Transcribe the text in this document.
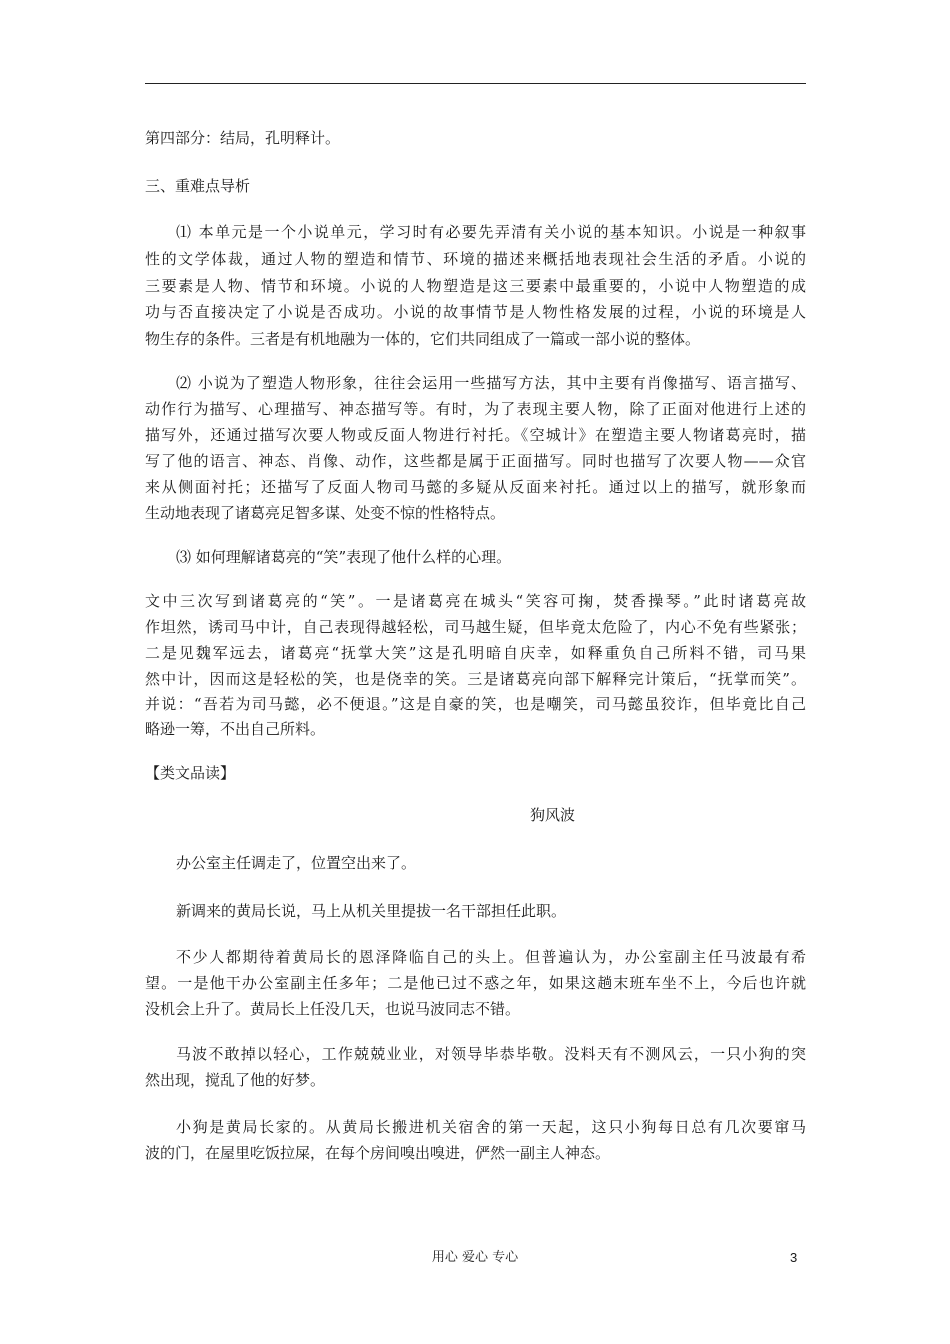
第四部分：结局，孔明释计。
三、重难点导析
⑴ 本单元是一个小说单元，学习时有必要先弄清有关小说的基本知识。小说是一种叙事
性的文学体裁，通过人物的塑造和情节、环境的描述来概括地表现社会生活的矛盾。小说的
三要素是人物、情节和环境。小说的人物塑造是这三要素中最重要的，小说中人物塑造的成
功与否直接决定了小说是否成功。小说的故事情节是人物性格发展的过程，小说的环境是人
物生存的条件。三者是有机地融为一体的，它们共同组成了一篇或一部小说的整体。
⑵ 小说为了塑造人物形象，往往会运用一些描写方法，其中主要有肖像描写、语言描写、
动作行为描写、心理描写、神态描写等。有时，为了表现主要人物，除了正面对他进行上述的
描写外，还通过描写次要人物或反面人物进行衬托。《空城计》在塑造主要人物诸葛亮时，描
写了他的语言、神态、肖像、动作，这些都是属于正面描写。同时也描写了次要人物——众官
来从侧面衬托；还描写了反面人物司马懿的多疑从反面来衬托。通过以上的描写，就形象而
生动地表现了诸葛亮足智多谋、处变不惊的性格特点。
⑶ 如何理解诸葛亮的“笑”表现了他什么样的心理。
文中三次写到诸葛亮的“笑”。一是诸葛亮在城头“笑容可掬，焚香操琴。”此时诸葛亮故
作坦然，诱司马中计，自己表现得越轻松，司马越生疑，但毕竟太危险了，内心不免有些紧张；
二是见魏军远去，诸葛亮“抚掌大笑”这是孔明暗自庆幸，如释重负自己所料不错，司马果
然中计，因而这是轻松的笑，也是侥幸的笑。三是诸葛亮向部下解释完计策后，“抚掌而笑”。
并说：“吾若为司马懿，必不便退。”这是自豪的笑，也是嘲笑，司马懿虽狡诈，但毕竟比自己
略逊一筹，不出自己所料。
【类文品读】
狗风波
办公室主任调走了，位置空出来了。
新调来的黄局长说，马上从机关里提拔一名干部担任此职。
不少人都期待着黄局长的恩泽降临自己的头上。但普遍认为，办公室副主任马波最有希
望。一是他干办公室副主任多年；二是他已过不惑之年，如果这趟末班车坐不上，今后也许就
没机会上升了。黄局长上任没几天，也说马波同志不错。
马波不敢掉以轻心，工作兢兢业业，对领导毕恭毕敬。没料天有不测风云，一只小狗的突
然出现，搅乱了他的好梦。
小狗是黄局长家的。从黄局长搬进机关宿舍的第一天起，这只小狗每日总有几次要窜马
波的门，在屋里吃饭拉屎，在每个房间嗅出嗅进，俨然一副主人神态。
用心 爱心 专心	3
